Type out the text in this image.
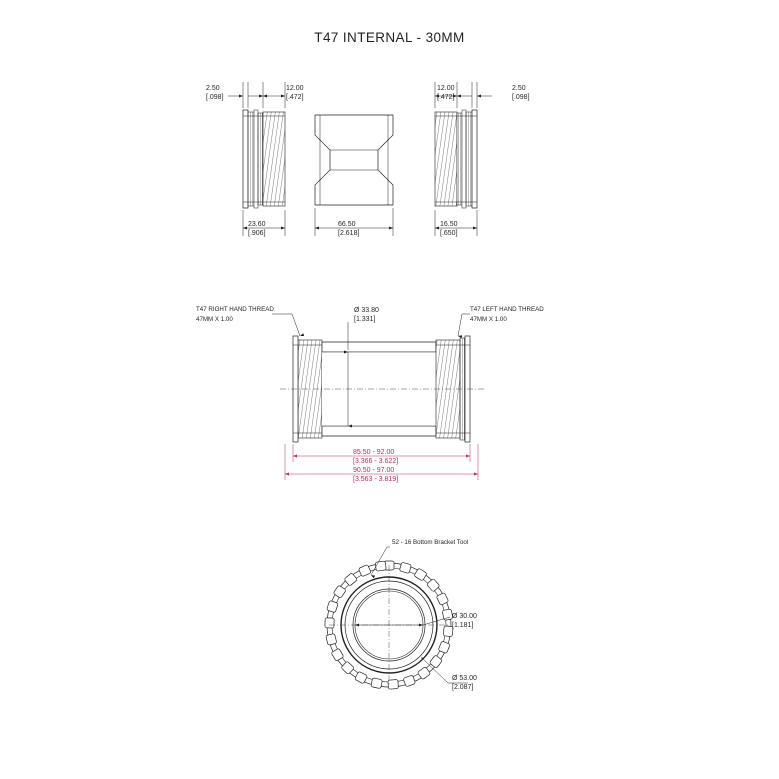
T47 INTERNAL - 30MM
2.50
[.098]
12.00
[.472]
12.00
[.472]
2.50
[.098]
23.60
[.906]
66.50
[2.618]
16.50
[.650]
T47 RIGHT HAND THREAD
47MM X 1.00
T47 LEFT HAND THREAD
47MM X 1.00
Ø 33.80
[1.331]
85.50 - 92.00
[3.366 - 3.622]
90.50 - 97.00
[3.563 - 3.819]
52 - 16 Bottom Bracket Tool
Ø 30.00
[1.181]
Ø 53.00
[2.087]
